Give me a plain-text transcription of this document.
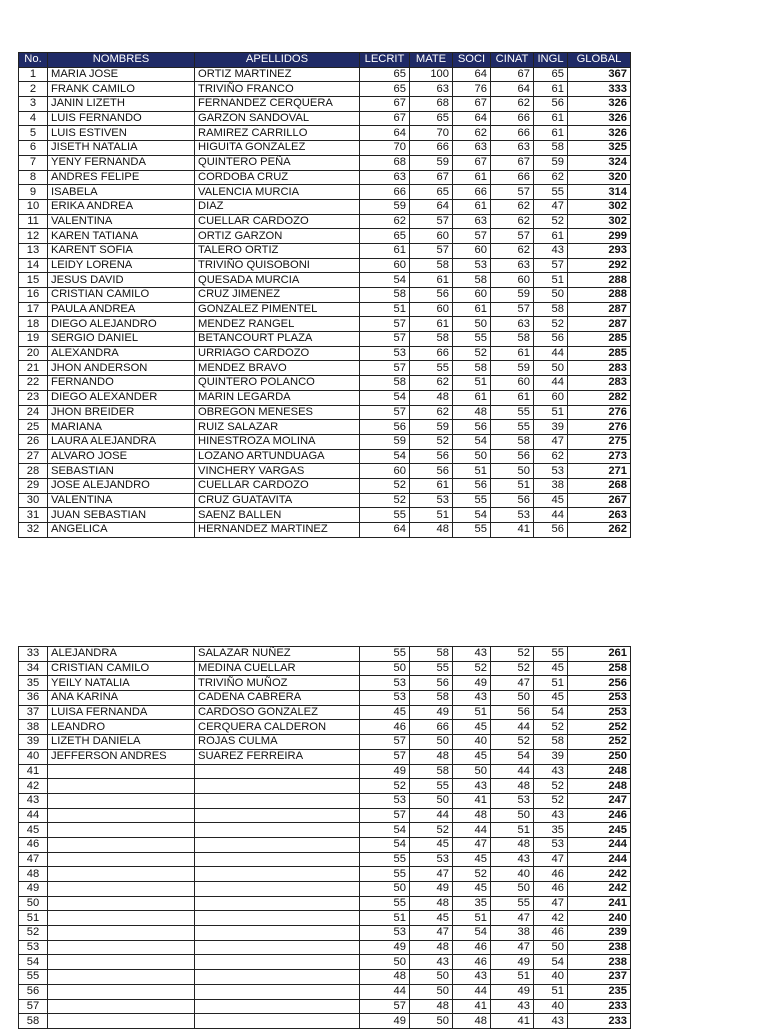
No.	NOMBRES	APELLIDOS	LECRIT	MATE	SOCI	CINAT	INGL	GLOBAL
1	MARIA JOSE	ORTIZ MARTINEZ	65	100	64	67	65	367
2	FRANK CAMILO	TRIVIÑO FRANCO	65	63	76	64	61	333
3	JANIN LIZETH	FERNANDEZ CERQUERA	67	68	67	62	56	326
4	LUIS FERNANDO	GARZON SANDOVAL	67	65	64	66	61	326
5	LUIS ESTIVEN	RAMIREZ CARRILLO	64	70	62	66	61	326
6	JISETH NATALIA	HIGUITA GONZALEZ	70	66	63	63	58	325
7	YENY FERNANDA	QUINTERO PEÑA	68	59	67	67	59	324
8	ANDRES FELIPE	CORDOBA CRUZ	63	67	61	66	62	320
9	ISABELA	VALENCIA MURCIA	66	65	66	57	55	314
10	ERIKA ANDREA	DIAZ	59	64	61	62	47	302
11	VALENTINA	CUELLAR CARDOZO	62	57	63	62	52	302
12	KAREN TATIANA	ORTIZ GARZON	65	60	57	57	61	299
13	KARENT SOFIA	TALERO ORTIZ	61	57	60	62	43	293
14	LEIDY LORENA	TRIVIÑO QUISOBONI	60	58	53	63	57	292
15	JESUS DAVID	QUESADA MURCIA	54	61	58	60	51	288
16	CRISTIAN CAMILO	CRUZ JIMENEZ	58	56	60	59	50	288
17	PAULA ANDREA	GONZALEZ PIMENTEL	51	60	61	57	58	287
18	DIEGO ALEJANDRO	MENDEZ RANGEL	57	61	50	63	52	287
19	SERGIO DANIEL	BETANCOURT PLAZA	57	58	55	58	56	285
20	ALEXANDRA	URRIAGO CARDOZO	53	66	52	61	44	285
21	JHON ANDERSON	MENDEZ BRAVO	57	55	58	59	50	283
22	FERNANDO	QUINTERO POLANCO	58	62	51	60	44	283
23	DIEGO ALEXANDER	MARIN LEGARDA	54	48	61	61	60	282
24	JHON BREIDER	OBREGON MENESES	57	62	48	55	51	276
25	MARIANA	RUIZ SALAZAR	56	59	56	55	39	276
26	LAURA ALEJANDRA	HINESTROZA MOLINA	59	52	54	58	47	275
27	ALVARO JOSE	LOZANO ARTUNDUAGA	54	56	50	56	62	273
28	SEBASTIAN	VINCHERY VARGAS	60	56	51	50	53	271
29	JOSE ALEJANDRO	CUELLAR CARDOZO	52	61	56	51	38	268
30	VALENTINA	CRUZ GUATAVITA	52	53	55	56	45	267
31	JUAN SEBASTIAN	SAENZ BALLEN	55	51	54	53	44	263
32	ANGELICA	HERNANDEZ MARTINEZ	64	48	55	41	56	262
33	ALEJANDRA	SALAZAR NUÑEZ	55	58	43	52	55	261
34	CRISTIAN CAMILO	MEDINA CUELLAR	50	55	52	52	45	258
35	YEILY NATALIA	TRIVIÑO MUÑOZ	53	56	49	47	51	256
36	ANA KARINA	CADENA CABRERA	53	58	43	50	45	253
37	LUISA FERNANDA	CARDOSO GONZALEZ	45	49	51	56	54	253
38	LEANDRO	CERQUERA CALDERON	46	66	45	44	52	252
39	LIZETH DANIELA	ROJAS CULMA	57	50	40	52	58	252
40	JEFFERSON ANDRES	SUAREZ FERREIRA	57	48	45	54	39	250
41			49	58	50	44	43	248
42			52	55	43	48	52	248
43			53	50	41	53	52	247
44			57	44	48	50	43	246
45			54	52	44	51	35	245
46			54	45	47	48	53	244
47			55	53	45	43	47	244
48			55	47	52	40	46	242
49			50	49	45	50	46	242
50			55	48	35	55	47	241
51			51	45	51	47	42	240
52			53	47	54	38	46	239
53			49	48	46	47	50	238
54			50	43	46	49	54	238
55			48	50	43	51	40	237
56			44	50	44	49	51	235
57			57	48	41	43	40	233
58			49	50	48	41	43	233
